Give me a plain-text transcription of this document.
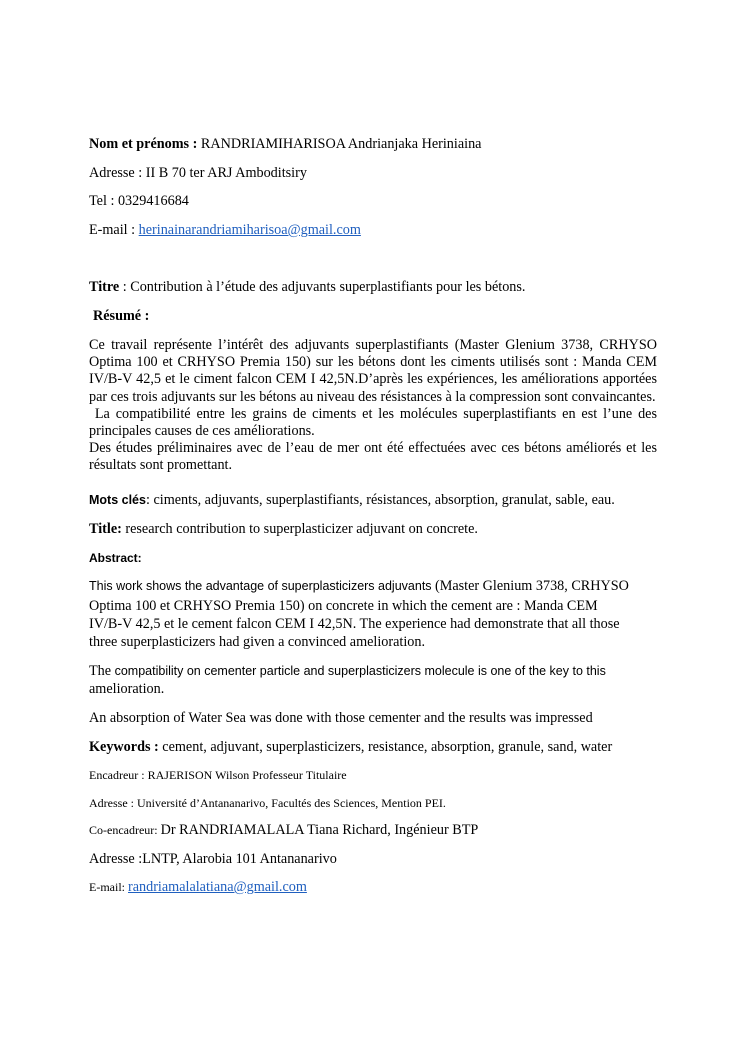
Nom et prénoms : RANDRIAMIHARISOA Andrianjaka Heriniaina
Adresse : II B 70 ter ARJ Amboditsiry
Tel : 0329416684
E-mail : herinainarandriamiharisoa@gmail.com
Titre : Contribution à l’étude des adjuvants superplastifiants pour les bétons.
Résumé :
Ce travail représente l’intérêt des adjuvants superplastifiants (Master Glenium 3738, CRHYSO Optima 100 et CRHYSO Premia 150) sur les bétons dont les ciments utilisés sont : Manda CEM IV/B-V 42,5 et le ciment falcon CEM I 42,5N.D’après les expériences, les améliorations apportées par ces trois adjuvants sur les bétons au niveau des résistances à la compression sont convaincantes.
La compatibilité entre les grains de ciments et les molécules superplastifiants en est l’une des principales causes de ces améliorations.
Des études préliminaires avec de l’eau de mer ont été effectuées avec ces bétons améliorés et les résultats sont promettant.
Mots clés: ciments, adjuvants, superplastifiants, résistances, absorption, granulat, sable, eau.
Title: research contribution to superplasticizer adjuvant on concrete.
Abstract:
This work shows the advantage of superplasticizers adjuvants (Master Glenium 3738, CRHYSO
Optima 100 et CRHYSO Premia 150) on concrete in which the cement are : Manda CEM
IV/B-V 42,5 et le cement falcon CEM I 42,5N. The experience had demonstrate that all those
three superplasticizers had given a convinced amelioration.
The compatibility on cementer particle and superplasticizers molecule is one of the key to this
amelioration.
An absorption of Water Sea was done with those cementer and the results was impressed
Keywords : cement, adjuvant, superplasticizers, resistance, absorption, granule, sand, water
Encadreur : RAJERISON Wilson Professeur Titulaire
Adresse : Université d’Antananarivo, Facultés des Sciences, Mention PEI.
Co-encadreur: Dr RANDRIAMALALA Tiana Richard, Ingénieur BTP
Adresse :LNTP, Alarobia 101 Antananarivo
E-mail: randriamalalatiana@gmail.com
